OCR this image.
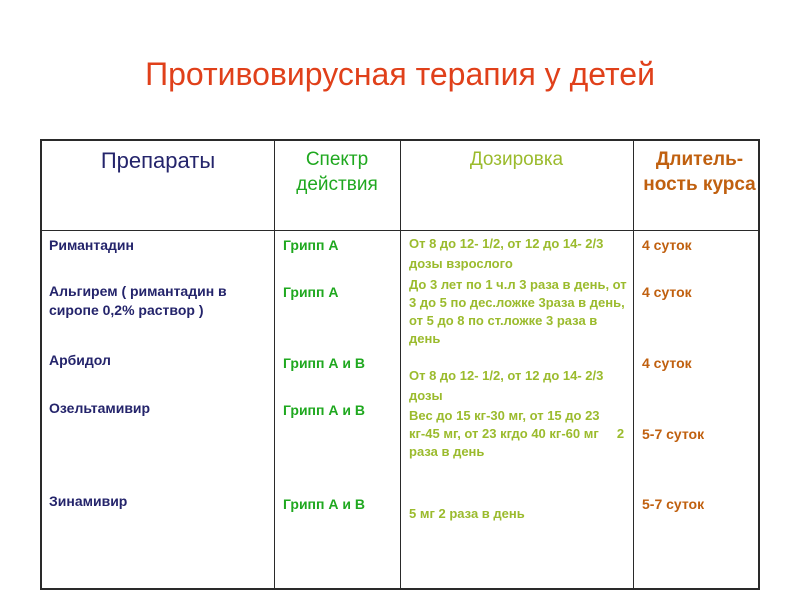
Противовирусная терапия у детей
Препараты	Спектр действия
Дозировка	Длитель-ность курса
Римантадин
Альгирем ( римантадин в сиропе 0,2% раствор )
Арбидол
Озельтамивир
Зинамивир
Грипп А
Грипп А
Грипп А и В
Грипп А и В
Грипп А и В
От 8 до 12- 1/2, от 12 до 14- 2/3 дозы взрослого
До 3 лет по 1 ч.л 3 раза в день, от 3 до 5 по дес.ложке 3раза в день, от 5 до 8 по ст.ложке 3 раза в день
От 8 до 12- 1/2, от 12 до 14- 2/3 дозы
Вес до 15 кг-30 мг, от 15 до 23 кг-45 мг, от 23 кгдо 40 кг-60 мг     2 раза в день
5 мг 2 раза в день
4 суток
4 суток
4 суток
5-7 суток
5-7 суток
